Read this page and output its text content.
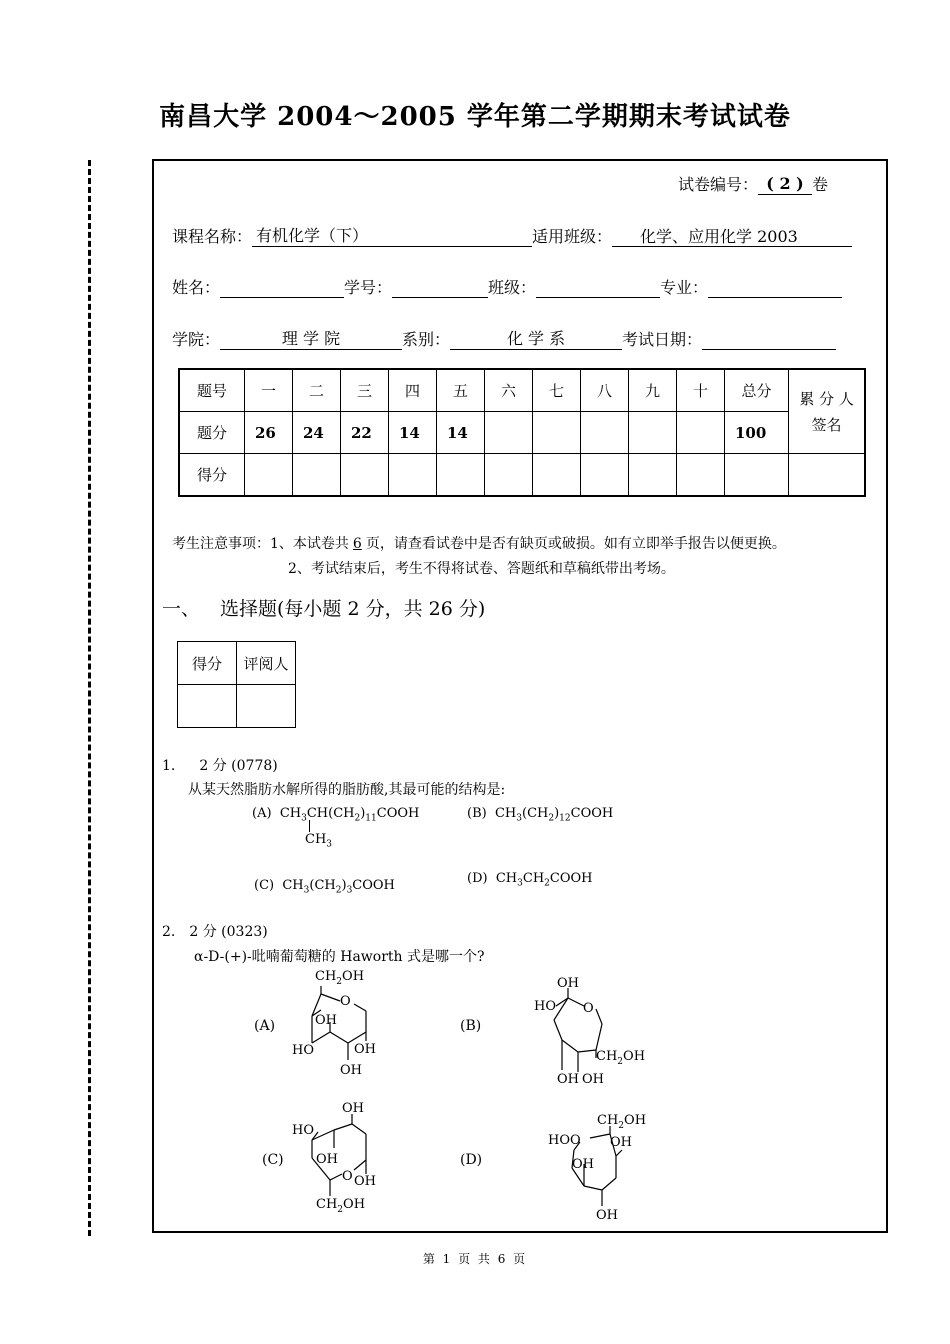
南昌大学 2004～2005 学年第二学期期末考试试卷
试卷编号： ( 2 ) 卷
课程名称： 有机化学（下）	适用班级： 化学、应用化学 2003
姓名：	学号：	班级：	专业：
学院：	理 学 院	系别：	化 学 系	考试日期：
题号	一	二	三	四	五	六	七	八	九	十	总分	累 分 人
签名

题分	26	24	22	14	14						100	
得分												
考生注意事项：1、本试卷共 6 页，请查看试卷中是否有缺页或破损。如有立即举手报告以便更换。
2、考试结束后，考生不得将试卷、答题纸和草稿纸带出考场。
一、 选择题(每小题 2 分，共 26 分)
得分	评阅人

1. 2 分 (0778)
从某天然脂肪水解所得的脂肪酸,其最可能的结构是:
(A) $CH_3CH(CH_2)_{11}COOH$
$CH_3$
(B) $CH_3(CH_2)_{12}COOH$
(C) $CH_3(CH_2)_3COOH$	(D) $CH_3CH_2COOH$
2. 2 分 (0323)
α-D-(+)-吡喃葡萄糖的 Haworth 式是哪一个?
(A)
$CH_2OH$
O
OH
HO	OH
OH
(B)
OH
HO O
$CH_2OH$
OH OH
(C)
OH
HO
OH
O OH
$CH_2OH$
(D)
$CH_2OH$
HO O OH
OH
OH
第 1 页 共 6 页
